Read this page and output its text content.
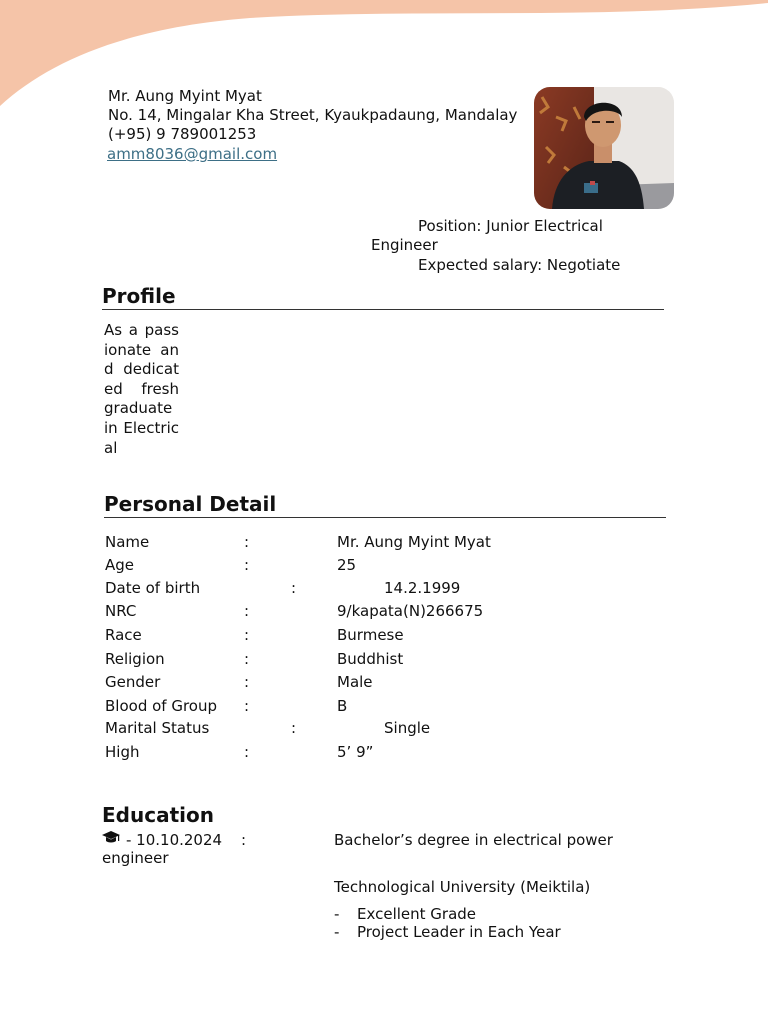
Mr. Aung Myint Myat
No. 14, Mingalar Kha Street, Kyaukpadaung, Mandalay
(+95) 9 789001253
amm8036@gmail.com
Position: Junior Electrical
Engineer
Expected salary: Negotiate
Profile

As a passionate and dedicated fresh graduate in Electrical

Personal Detail
Name	:	Mr. Aung Myint Myat
Age	:	25
Date of birth	:	14.2.1999
NRC	:	9/kapata(N)266675
Race	:	Burmese
Religion	:	Buddhist
Gender	:	Male
Blood of Group :	B
Marital Status	:	Single
High	:	5’ 9”
Education
- 10.10.2024 :	Bachelor’s degree in electrical power
engineer
Technological University (Meiktila)
- Excellent Grade
- Project Leader in Each Year
